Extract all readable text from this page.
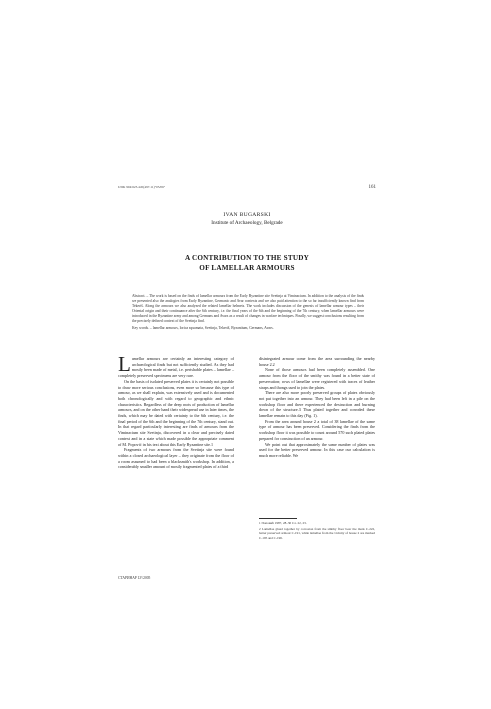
UDK 904:623.445(497.11)"05/06"	161
IVAN BUGARSKI
Institute of Archaeology, Belgrade
A CONTRIBUTION TO THE STUDY
OF LAMELLAR ARMOURS
Abstract. – The work is based on the finds of lamellar armours from the Early Byzantine site Svetinja at Viminacium. In addition to the analysis of the finds we presented also the analogies from Early Byzantine, Germanic and Avar contexts and we also paid attention to the so far insufficiently known find from Tekeriš. Along the armours we also analyzed the related lamellar helmets. The work includes discussion of the genesis of lamellar armour types – their Oriental origin and their continuance after the 6th century, i.e. the final years of the 6th and the beginning of the 7th century, when lamellar armours were introduced in the Byzantine army and among Germans and Avars as a result of changes in warfare techniques. Finally, we suggest conclusions resulting from the precisely defined context of the Svetinja find.
Key words. – lamellar armours, lorica squamata, Svetinja, Tekeriš, Byzantium, Germans, Avars.

Lamellar armours are certainly an interesting category of archaeological finds but not sufficiently studied. As they had mostly been made of metal, i.e. perishable plates – lamellae – completely preserved specimens are very rare.

On the basis of isolated preserved plates it is certainly not possible to draw more serious conclusions, even more so because this type of armour, as we shall explain, was extensively used and is documented both chronologically and with regard to geographic and ethnic characteristics. Regardless of the deep roots of production of lamellar armours, and on the other hand their widespread use in later times, the finds, which may be dated with certainty to the 6th century, i.e. the final period of the 6th and the beginning of the 7th century, stand out. In that regard particularly interesting are finds of armours from the Viminacium site Svetinja, discovered in a clear and precisely dated context and in a state which made possible the appropriate comment of M. Popović in his text about this Early Byzantine site.1

Fragments of two armours from the Svetinja site were found within a closed archaeological layer – they originate from the floor of a room assumed to had been a blacksmith's workshop. In addition, a considerably smaller amount of mostly fragmented plates of a third

disintegrated armour come from the area surrounding the nearby house 2.2

None of those armours had been completely assembled. One armour from the floor of the smithy was found in a better state of preservation; rows of lamellae were registered with traces of leather straps and thongs used to join the plates.

There are also more poorly preserved groups of plates obviously not put together into an armour. They had been left in a pile on the workshop floor and there experienced the destruction and burning down of the structure.3 Thus plated together and corroded these lamellae remain to this day (Fig. 1).

From the area around house 2 a total of 38 lamellae of the same type of armour has been preserved. Considering the finds from the workshop floor it was possible to count around 570 such plated plates prepared for construction of an armour.

We point out that approximately the same number of plates was used for the better preserved armour. In this case our calculation is much more reliable. We

1 Поповић 1987, 28–30 Сл. 22, 23.

2 Lamellae glued together by corrosion from the smithy floor bear the mark C-222, better preserved armour C-191, while lamellae from the vicinity of house 2 are marked C-195 and C-196.

СТАРИНАР LV/2005
